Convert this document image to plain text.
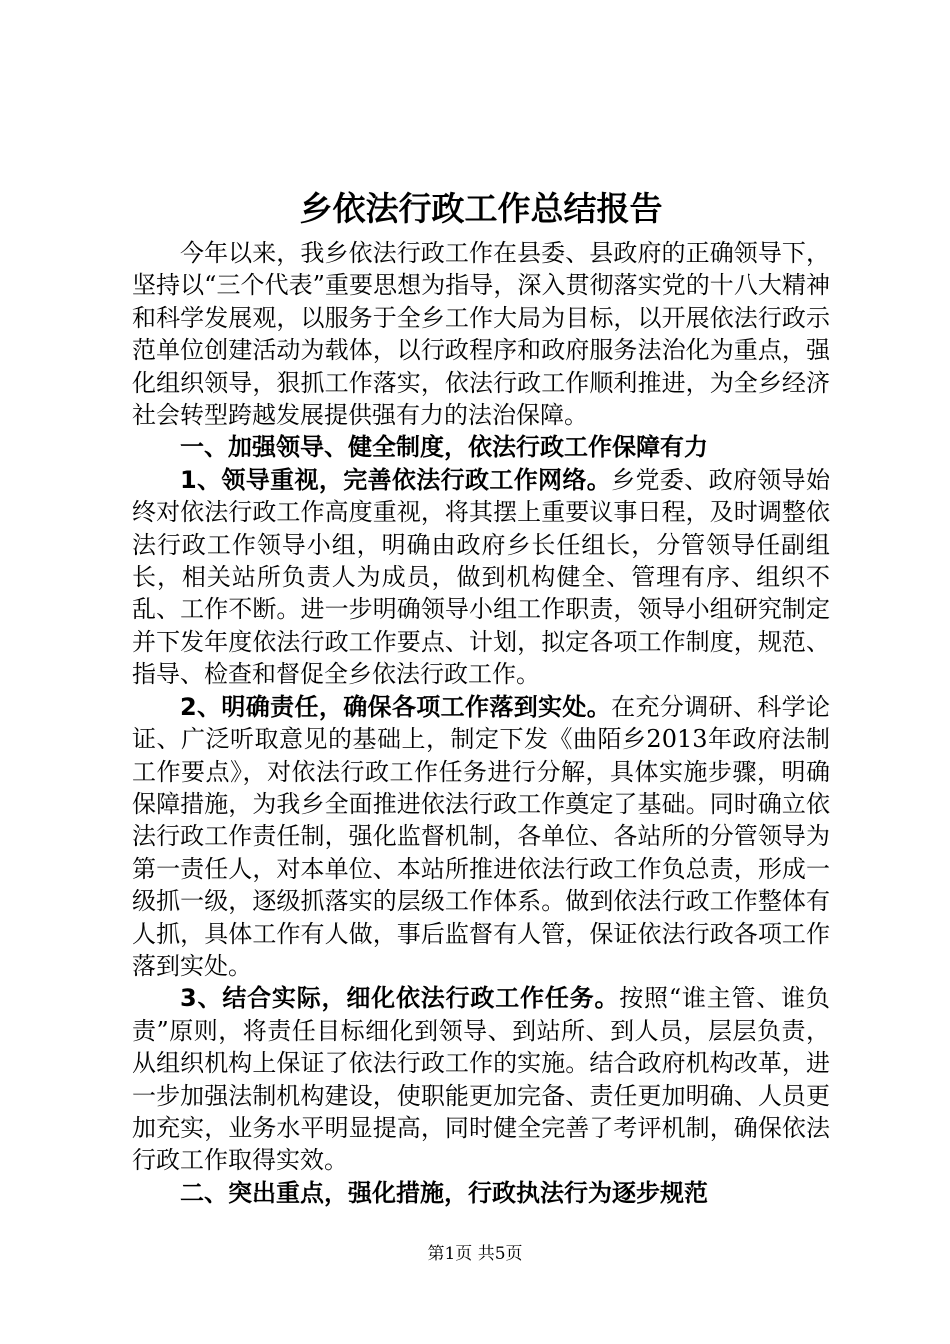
乡依法行政工作总结报告

今年以来，我乡依法行政工作在县委、县政府的正确领导下，坚持以“三个代表”重要思想为指导，深入贯彻落实党的十八大精神和科学发展观，以服务于全乡工作大局为目标，以开展依法行政示范单位创建活动为载体，以行政程序和政府服务法治化为重点，强化组织领导，狠抓工作落实，依法行政工作顺利推进，为全乡经济社会转型跨越发展提供强有力的法治保障。

一、加强领导、健全制度，依法行政工作保障有力

1、领导重视，完善依法行政工作网络。乡党委、政府领导始终对依法行政工作高度重视，将其摆上重要议事日程，及时调整依法行政工作领导小组，明确由政府乡长任组长，分管领导任副组长，相关站所负责人为成员，做到机构健全、管理有序、组织不乱、工作不断。进一步明确领导小组工作职责，领导小组研究制定并下发年度依法行政工作要点、计划，拟定各项工作制度，规范、指导、检查和督促全乡依法行政工作。

2、明确责任，确保各项工作落到实处。在充分调研、科学论证、广泛听取意见的基础上，制定下发《曲陌乡2013年政府法制工作要点》，对依法行政工作任务进行分解，具体实施步骤，明确保障措施，为我乡全面推进依法行政工作奠定了基础。同时确立依法行政工作责任制，强化监督机制，各单位、各站所的分管领导为第一责任人，对本单位、本站所推进依法行政工作负总责，形成一级抓一级，逐级抓落实的层级工作体系。做到依法行政工作整体有人抓，具体工作有人做，事后监督有人管，保证依法行政各项工作落到实处。

3、结合实际，细化依法行政工作任务。按照“谁主管、谁负责”原则，将责任目标细化到领导、到站所、到人员，层层负责，从组织机构上保证了依法行政工作的实施。结合政府机构改革，进一步加强法制机构建设，使职能更加完备、责任更加明确、人员更加充实，业务水平明显提高，同时健全完善了考评机制，确保依法行政工作取得实效。

二、突出重点，强化措施，行政执法行为逐步规范

第1页 共5页
